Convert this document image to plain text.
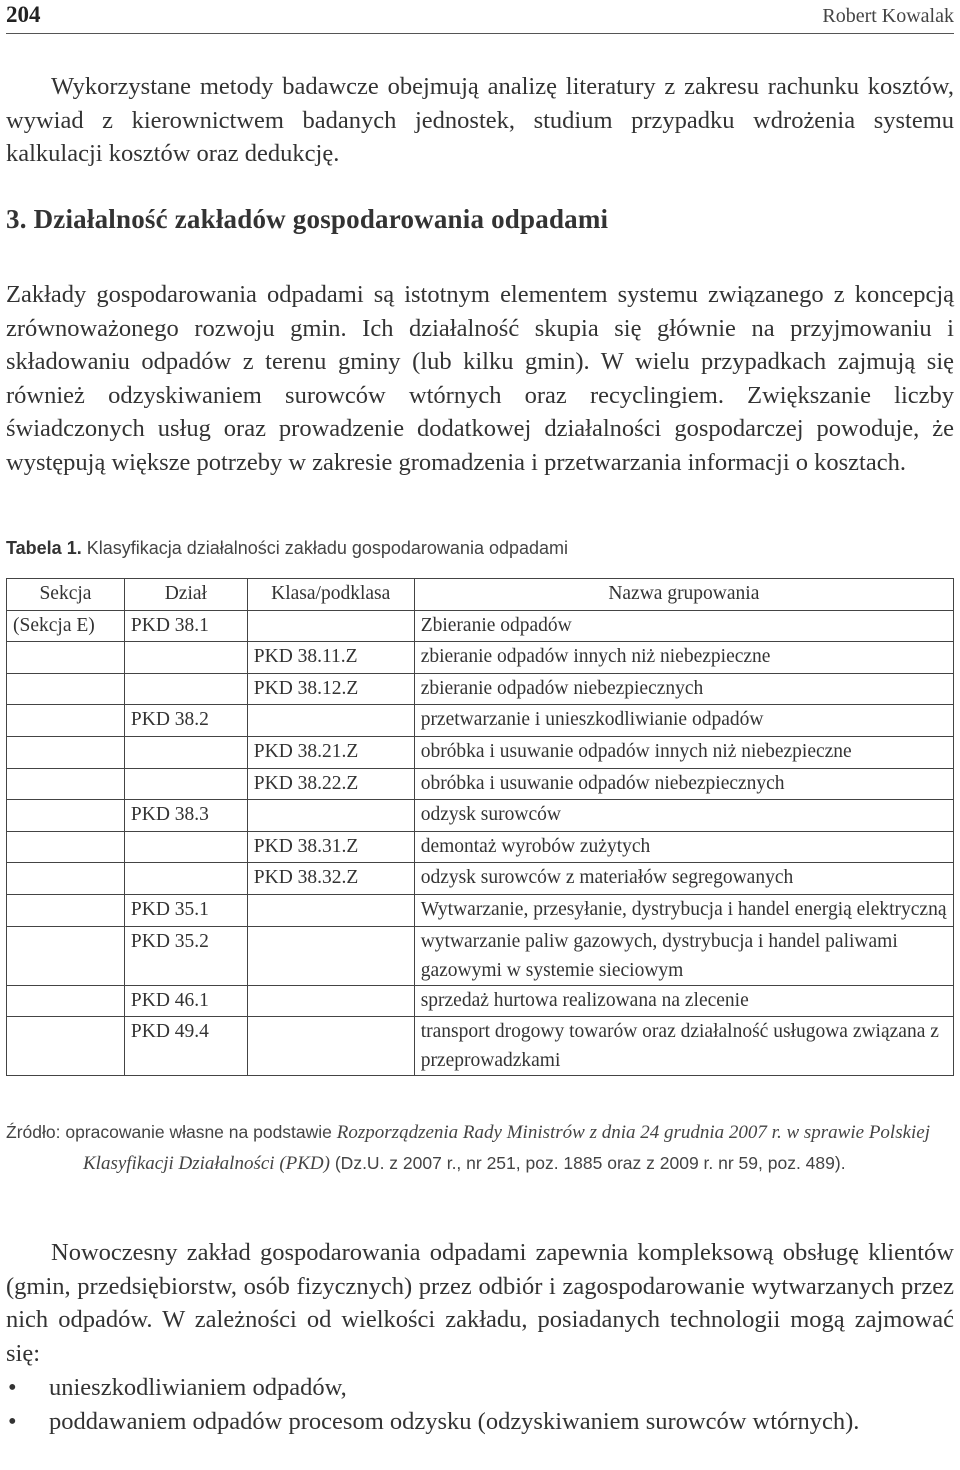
204	Robert Kowalak

Wykorzystane metody badawcze obejmują analizę literatury z zakresu rachunku kosztów, wywiad z kierownictwem badanych jednostek, studium przypadku wdrożenia systemu kalkulacji kosztów oraz dedukcję.

3. Działalność zakładów gospodarowania odpadami

Zakłady gospodarowania odpadami są istotnym elementem systemu związanego z koncepcją zrównoważonego rozwoju gmin. Ich działalność skupia się głównie na przyjmowaniu i składowaniu odpadów z terenu gminy (lub kilku gmin). W wielu przypadkach zajmują się również odzyskiwaniem surowców wtórnych oraz recyclingiem. Zwiększanie liczby świadczonych usług oraz prowadzenie dodatkowej działalności gospodarczej powoduje, że występują większe potrzeby w zakresie gromadzenia i przetwarzania informacji o kosztach.

Tabela 1. Klasyfikacja działalności zakładu gospodarowania odpadami

Sekcja	Dział	Klasa/podklasa	Nazwa grupowania
(Sekcja E)	PKD 38.1		Zbieranie odpadów
		PKD 38.11.Z	zbieranie odpadów innych niż niebezpieczne
		PKD 38.12.Z	zbieranie odpadów niebezpiecznych
	PKD 38.2		przetwarzanie i unieszkodliwianie odpadów
		PKD 38.21.Z	obróbka i usuwanie odpadów innych niż niebezpieczne
		PKD 38.22.Z	obróbka i usuwanie odpadów niebezpiecznych
	PKD 38.3		odzysk surowców
		PKD 38.31.Z	demontaż wyrobów zużytych
		PKD 38.32.Z	odzysk surowców z materiałów segregowanych
	PKD 35.1		Wytwarzanie, przesyłanie, dystrybucja i handel energią elektryczną
	PKD 35.2		wytwarzanie paliw gazowych, dystrybucja i handel paliwami gazowymi w systemie sieciowym
	PKD 46.1		sprzedaż hurtowa realizowana na zlecenie
	PKD 49.4		transport drogowy towarów oraz działalność usługowa związana z przeprowadzkami

Źródło: opracowanie własne na podstawie Rozporządzenia Rady Ministrów z dnia 24 grudnia 2007 r. w sprawie Polskiej Klasyfikacji Działalności (PKD) (Dz.U. z 2007 r., nr 251, poz. 1885 oraz z 2009 r. nr 59, poz. 489).

Nowoczesny zakład gospodarowania odpadami zapewnia kompleksową obsługę klientów (gmin, przedsiębiorstw, osób fizycznych) przez odbiór i zagospodarowanie wytwarzanych przez nich odpadów. W zależności od wielkości zakładu, posiadanych technologii mogą zajmować się:

• unieszkodliwianiem odpadów,
• poddawaniem odpadów procesom odzysku (odzyskiwaniem surowców wtórnych).
